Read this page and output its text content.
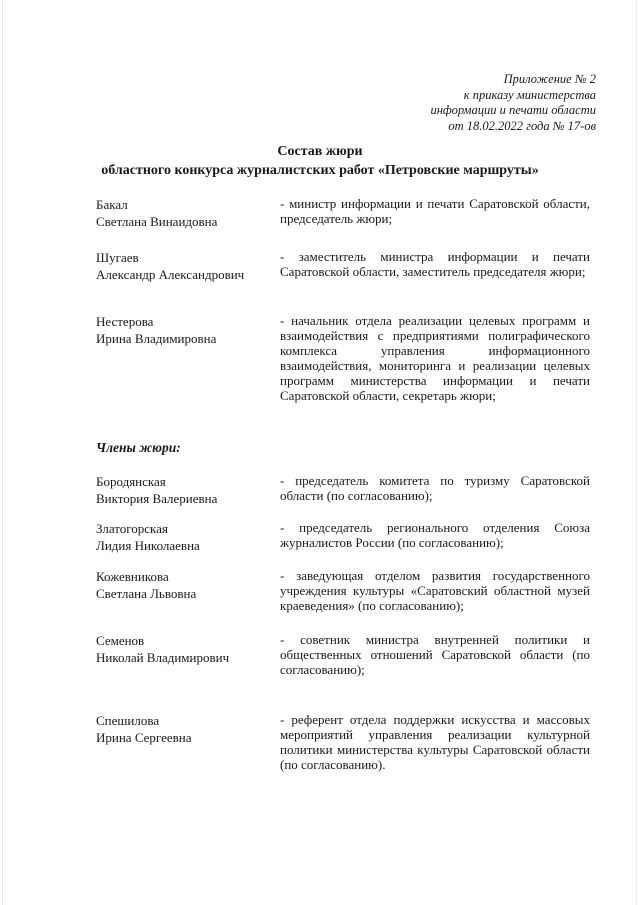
Приложение № 2
к приказу министерства
информации и печати области
от 18.02.2022 года № 17-ов
Состав жюри
областного конкурса журналистских работ «Петровские маршруты»
Бакал
Светлана Винаидовна
- министр информации и печати Саратовской области, председатель жюри;
Шугаев
Александр Александрович
- заместитель министра информации и печати Саратовской области, заместитель председателя жюри;
Нестерова
Ирина Владимировна
- начальник отдела реализации целевых программ и взаимодействия с предприятиями полиграфического комплекса управления информационного взаимодействия, мониторинга и реализации целевых программ министерства информации и печати Саратовской области, секретарь жюри;
Члены жюри:
Бородянская
Виктория Валериевна
- председатель комитета по туризму Саратовской области (по согласованию);
Златогорская
Лидия Николаевна
- председатель регионального отделения Союза журналистов России (по согласованию);
Кожевникова
Светлана Львовна
- заведующая отделом развития государственного учреждения культуры «Саратовский областной музей краеведения» (по согласованию);
Семенов
Николай Владимирович
- советник министра внутренней политики и общественных отношений Саратовской области (по согласованию);
Спешилова
Ирина Сергеевна
- референт отдела поддержки искусства и массовых мероприятий управления реализации культурной политики министерства культуры Саратовской области (по согласованию).
